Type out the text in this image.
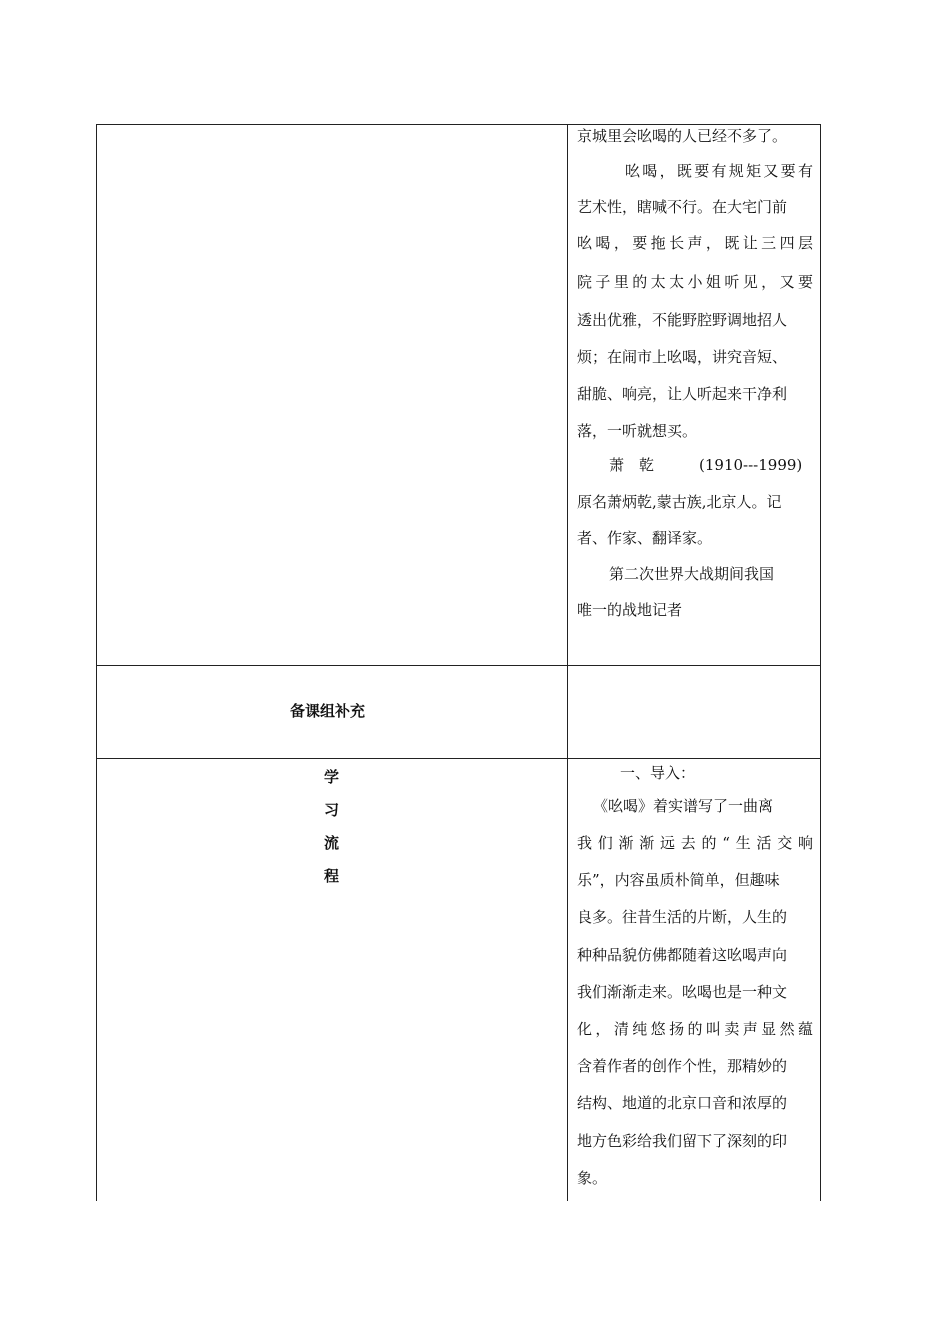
京城里会吆喝的人已经不多了。
吆喝，既要有规矩又要有
艺术性，瞎喊不行。在大宅门前
吆喝，要拖长声，既让三四层
院子里的太太小姐听见，又要
透出优雅，不能野腔野调地招人
烦；在闹市上吆喝，讲究音短、
甜脆、响亮，让人听起来干净利
落，一听就想买。
萧　乾　　　(1910---1999)
原名萧炳乾,蒙古族,北京人。记
者、作家、翻译家。
第二次世界大战期间我国
唯一的战地记者
备课组补充
学
习
流
程
一、导入：
《吆喝》着实谱写了一曲离
我们渐渐远去的“生活交响
乐”，内容虽质朴简单，但趣味
良多。往昔生活的片断，人生的
种种品貌仿佛都随着这吆喝声向
我们渐渐走来。吆喝也是一种文
化，清纯悠扬的叫卖声显然蕴
含着作者的创作个性，那精妙的
结构、地道的北京口音和浓厚的
地方色彩给我们留下了深刻的印
象。
